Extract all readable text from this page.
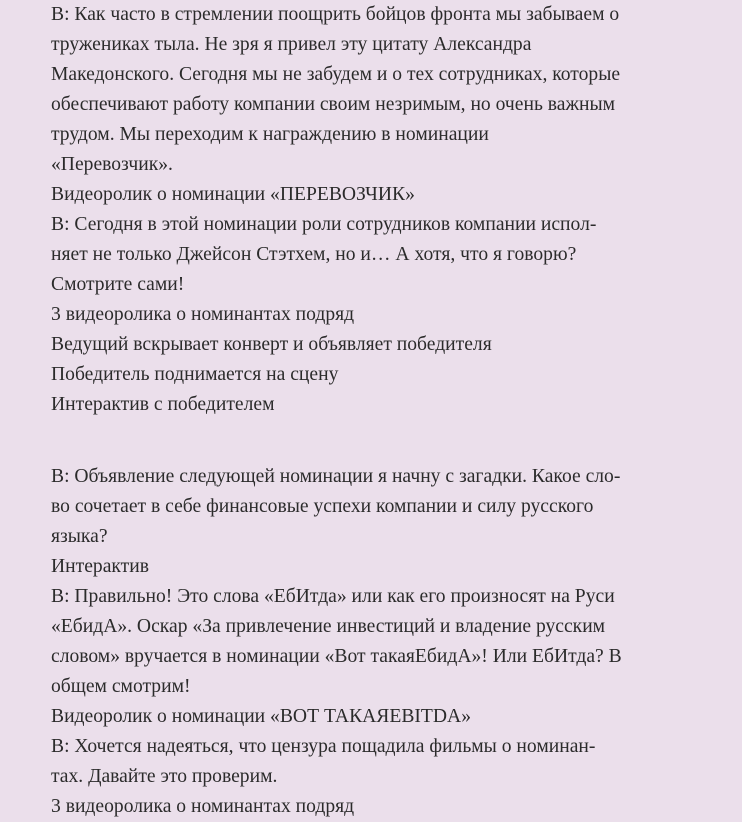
В: Как часто в стремлении поощрить бойцов фронта мы забываем о
тружениках тыла. Не зря я привел эту цитату Александра
Македонского. Сегодня мы не забудем и о тех сотрудниках, которые
обеспечивают работу компании своим незримым, но очень важным
трудом. Мы переходим к награждению в номинации
«Перевозчик».
Видеоролик о номинации «ПЕРЕВОЗЧИК»
В: Сегодня в этой номинации роли сотрудников компании испол-
няет не только Джейсон Стэтхем, но и… А хотя, что я говорю?
Смотрите сами!
3 видеоролика о номинантах подряд
Ведущий вскрывает конверт и объявляет победителя
Победитель поднимается на сцену
Интерактив с победителем
В: Объявление следующей номинации я начну с загадки. Какое сло-
во сочетает в себе финансовые успехи компании и силу русского
языка?
Интерактив
В: Правильно! Это слова «ЕбИтда» или как его произносят на Руси
«ЕбидА». Оскар «За привлечение инвестиций и владение русским
словом» вручается в номинации «Вот такаяЕбидА»! Или ЕбИтда? В
общем смотрим!
Видеоролик о номинации «ВОТ ТАКАЯEBITDA»
В: Хочется надеяться, что цензура пощадила фильмы о номинан-
тах. Давайте это проверим.
3 видеоролика о номинантах подряд
